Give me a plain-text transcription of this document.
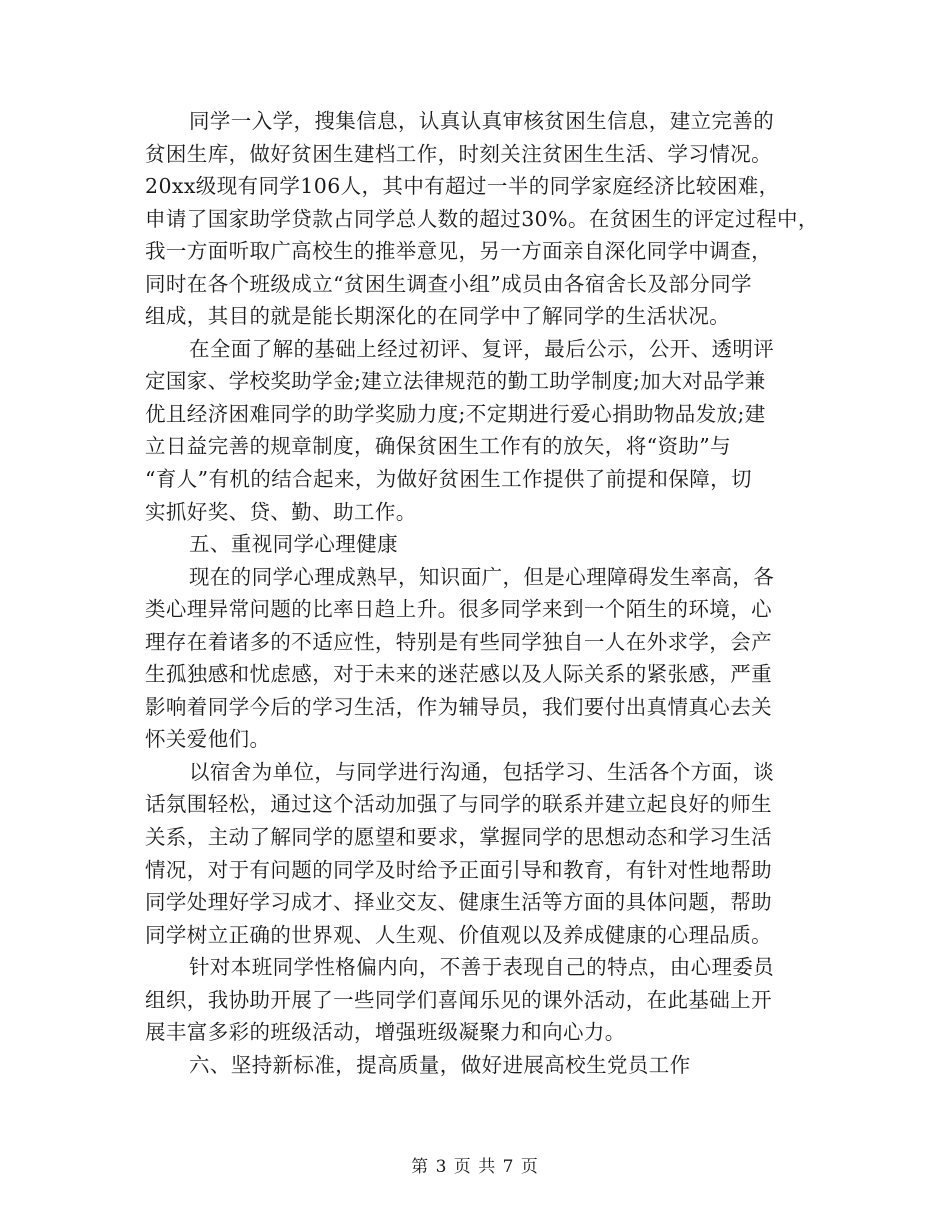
同学一入学，搜集信息，认真认真审核贫困生信息，建立完善的
贫困生库，做好贫困生建档工作，时刻关注贫困生生活、学习情况。
20xx级现有同学106人，其中有超过一半的同学家庭经济比较困难，
申请了国家助学贷款占同学总人数的超过30%。在贫困生的评定过程中，
我一方面听取广高校生的推举意见，另一方面亲自深化同学中调查，
同时在各个班级成立“贫困生调查小组”成员由各宿舍长及部分同学
组成，其目的就是能长期深化的在同学中了解同学的生活状况。
在全面了解的基础上经过初评、复评，最后公示，公开、透明评
定国家、学校奖助学金;建立法律规范的勤工助学制度;加大对品学兼
优且经济困难同学的助学奖励力度;不定期进行爱心捐助物品发放;建
立日益完善的规章制度，确保贫困生工作有的放矢，将“资助”与
“育人”有机的结合起来，为做好贫困生工作提供了前提和保障，切
实抓好奖、贷、勤、助工作。
五、重视同学心理健康
现在的同学心理成熟早，知识面广，但是心理障碍发生率高，各
类心理异常问题的比率日趋上升。很多同学来到一个陌生的环境，心
理存在着诸多的不适应性，特别是有些同学独自一人在外求学，会产
生孤独感和忧虑感，对于未来的迷茫感以及人际关系的紧张感，严重
影响着同学今后的学习生活，作为辅导员，我们要付出真情真心去关
怀关爱他们。
以宿舍为单位，与同学进行沟通，包括学习、生活各个方面，谈
话氛围轻松，通过这个活动加强了与同学的联系并建立起良好的师生
关系，主动了解同学的愿望和要求，掌握同学的思想动态和学习生活
情况，对于有问题的同学及时给予正面引导和教育，有针对性地帮助
同学处理好学习成才、择业交友、健康生活等方面的具体问题，帮助
同学树立正确的世界观、人生观、价值观以及养成健康的心理品质。
针对本班同学性格偏内向，不善于表现自己的特点，由心理委员
组织，我协助开展了一些同学们喜闻乐见的课外活动，在此基础上开
展丰富多彩的班级活动，增强班级凝聚力和向心力。
六、坚持新标准，提高质量，做好进展高校生党员工作
第 3 页 共 7 页
